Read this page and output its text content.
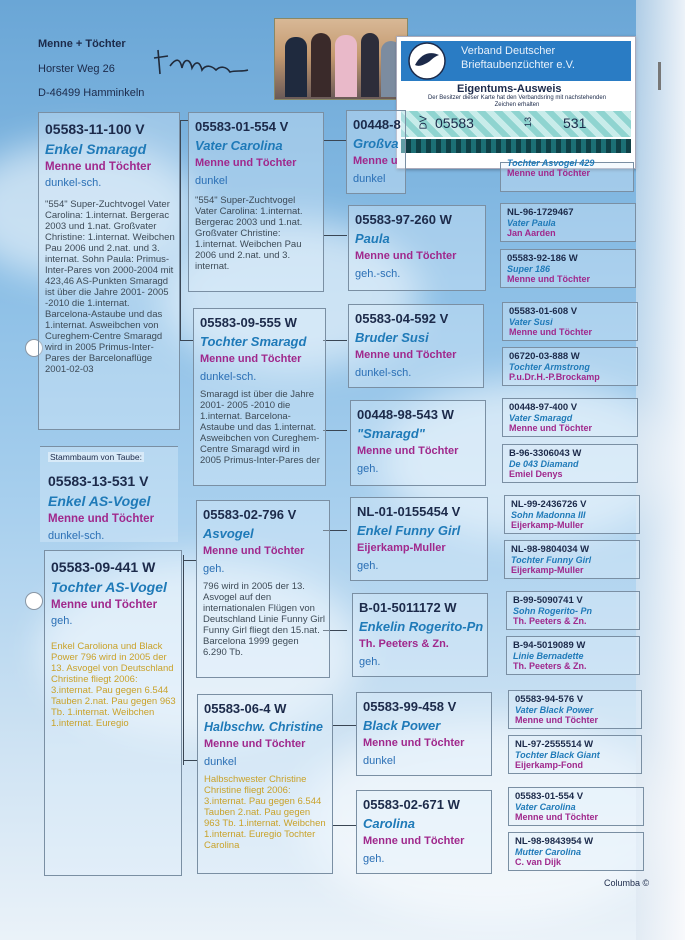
Menne + Töchter
Horster Weg 26
D-46499 Hamminkeln
Verband Deutscher
Brieftaubenzüchter e.V.
Eigentums-Ausweis
Der Besitzer dieser Karte hat den Verbandsring mit nachstehenden Zeichen erhalten
DV 05583	13 531
Stammbaum von Taube:
05583-13-531 V
Enkel AS-Vogel
Menne und Töchter
dunkel-sch.
05583-11-100 V
Enkel Smaragd
Menne und Töchter
dunkel-sch.
"554" Super-Zuchtvogel Vater Carolina: 1.internat. Bergerac 2003 und 1.nat. Großvater Christine: 1.internat. Weibchen Pau 2006 und 2.nat. und 3. internat. Sohn Paula: Primus-Inter-Pares von 2000-2004 mit 423,46 AS-Punkten Smaragd ist über die Jahre 2001- 2005 -2010 die 1.internat. Barcelona-Astaube und das 1.internat. Asweibchen von Cureghem-Centre Smaragd wird in 2005 Primus-Inter-Pares der Barcelonaflüge 2001-02-03
05583-09-441 W
Tochter AS-Vogel
Menne und Töchter
geh.
Enkel Caroliona und Black Power 796 wird in 2005 der 13. Asvogel von Deutschland Christine fliegt 2006: 3.internat. Pau gegen 6.544 Tauben 2.nat. Pau gegen 963 Tb. 1.internat. Weibchen 1.internat. Euregio
05583-01-554 V
Vater Carolina
Menne und Töchter
dunkel
"554" Super-Zuchtvogel Vater Carolina: 1.internat. Bergerac 2003 und 1.nat. Großvater Christine: 1.internat. Weibchen Pau 2006 und 2.nat. und 3. internat.
05583-09-555 W
Tochter Smaragd
Menne und Töchter
dunkel-sch.
Smaragd ist über die Jahre 2001- 2005 -2010 die 1.internat. Barcelona-Astaube und das 1.internat. Asweibchen von Cureghem-Centre Smaragd wird in 2005 Primus-Inter-Pares der
05583-02-796 V
Asvogel
Menne und Töchter
geh.
796 wird in 2005 der 13. Asvogel auf den internationalen Flügen von Deutschland Linie Funny Girl Funny Girl fliegt den 15.nat. Barcelona 1999 gegen 6.290 Tb.
05583-06-4 W
Halbschw. Christine
Menne und Töchter
dunkel
Halbschwester Christine Christine fliegt 2006: 3.internat. Pau gegen 6.544 Tauben 2.nat. Pau gegen 963 Tb. 1.internat. Weibchen 1.internat. Euregio Tochter Carolina
00448-8
Großva
Menne u
dunkel
05583-97-260 W
Paula
Menne und Töchter
geh.-sch.
05583-04-592 V
Bruder Susi
Menne und Töchter
dunkel-sch.
00448-98-543 W
"Smaragd"
Menne und Töchter
geh.
NL-01-0155454 V
Enkel Funny Girl
Eijerkamp-Muller
geh.
B-01-5011172 W
Enkelin Rogerito-Pn
Th. Peeters & Zn.
geh.
05583-99-458 V
Black Power
Menne und Töchter
dunkel
05583-02-671 W
Carolina
Menne und Töchter
geh.
Tochter Asvogel 429
Menne und Töchter
NL-96-1729467
Vater Paula
Jan Aarden
05583-92-186 W
Super 186
Menne und Töchter
05583-01-608 V
Vater Susi
Menne und Töchter
06720-03-888 W
Tochter Armstrong
P.u.Dr.H.-P.Brockamp
00448-97-400 V
Vater Smaragd
Menne und Töchter
B-96-3306043 W
De 043 Diamand
Emiel Denys
NL-99-2436726 V
Sohn Madonna III
Eijerkamp-Muller
NL-98-9804034 W
Tochter Funny Girl
Eijerkamp-Muller
B-99-5090741 V
Sohn Rogerito- Pn
Th. Peeters & Zn.
B-94-5019089 W
Linie Bernadette
Th. Peeters & Zn.
05583-94-576 V
Vater Black Power
Menne und Töchter
NL-97-2555514 W
Tochter Black Giant
Eijerkamp-Fond
05583-01-554 V
Vater Carolina
Menne und Töchter
NL-98-9843954 W
Mutter Carolina
C. van Dijk
Columba ©
